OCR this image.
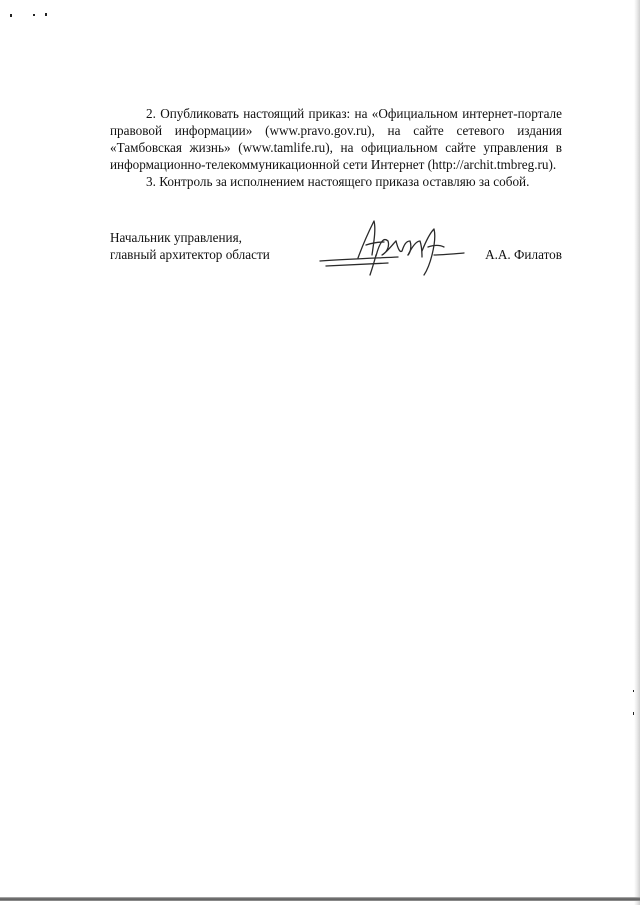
2. Опубликовать настоящий приказ: на «Официальном интернет-портале правовой информации» (www.pravo.gov.ru), на сайте сетевого издания «Тамбовская жизнь» (www.tamlife.ru), на официальном сайте управления в информационно-телекоммуникационной сети Интернет (http://archit.tmbreg.ru).

3. Контроль за исполнением настоящего приказа оставляю за собой.

Начальник управления,
главный архитектор области	А.А. Филатов
